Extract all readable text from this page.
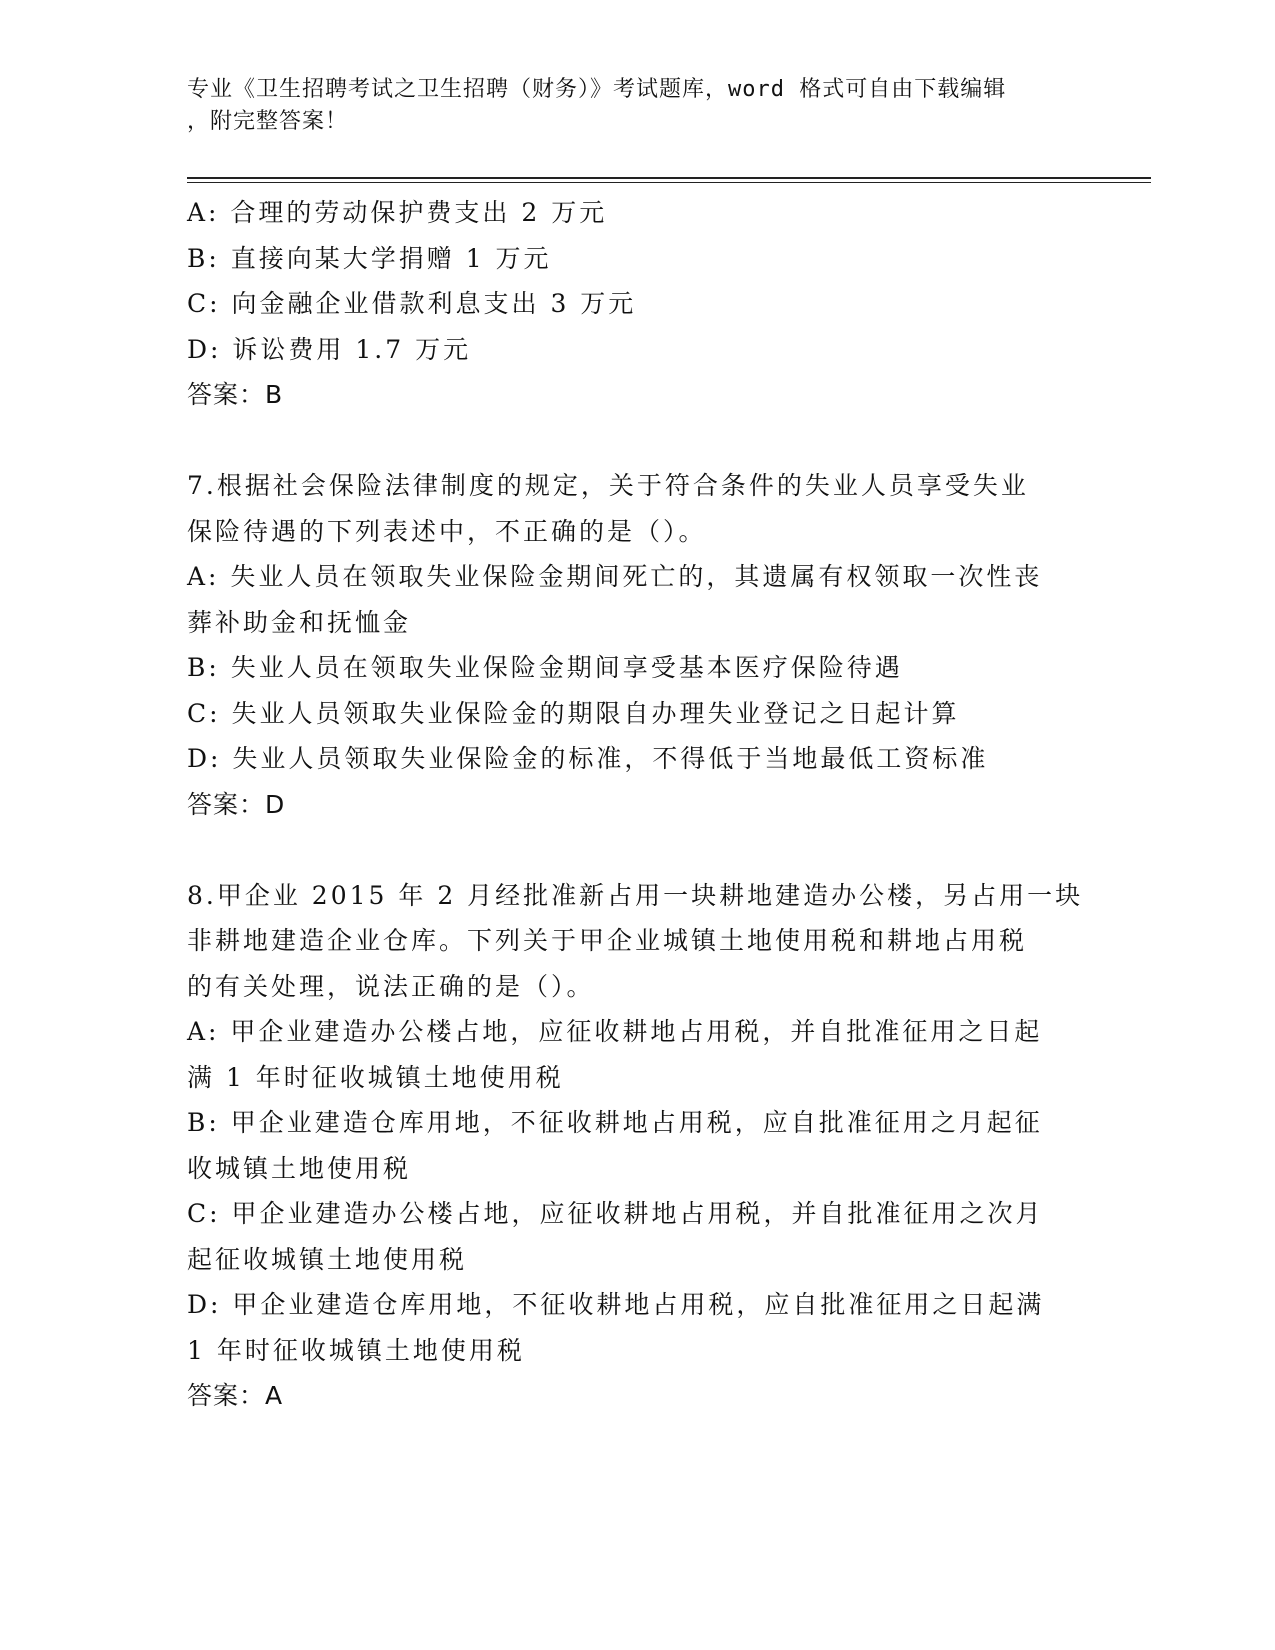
专业《卫生招聘考试之卫生招聘（财务）》考试题库，word 格式可自由下载编辑
，附完整答案！
A: 合理的劳动保护费支出 2 万元
B: 直接向某大学捐赠 1 万元
C: 向金融企业借款利息支出 3 万元
D: 诉讼费用 1.7 万元
答案：B
7.根据社会保险法律制度的规定，关于符合条件的失业人员享受失业
保险待遇的下列表述中，不正确的是（）。
A: 失业人员在领取失业保险金期间死亡的，其遗属有权领取一次性丧
葬补助金和抚恤金
B: 失业人员在领取失业保险金期间享受基本医疗保险待遇
C: 失业人员领取失业保险金的期限自办理失业登记之日起计算
D: 失业人员领取失业保险金的标准，不得低于当地最低工资标准
答案：D
8.甲企业 2015 年 2 月经批准新占用一块耕地建造办公楼，另占用一块
非耕地建造企业仓库。下列关于甲企业城镇土地使用税和耕地占用税
的有关处理，说法正确的是（）。
A: 甲企业建造办公楼占地，应征收耕地占用税，并自批准征用之日起
满 1 年时征收城镇土地使用税
B: 甲企业建造仓库用地，不征收耕地占用税，应自批准征用之月起征
收城镇土地使用税
C: 甲企业建造办公楼占地，应征收耕地占用税，并自批准征用之次月
起征收城镇土地使用税
D: 甲企业建造仓库用地，不征收耕地占用税，应自批准征用之日起满
1 年时征收城镇土地使用税
答案：A
